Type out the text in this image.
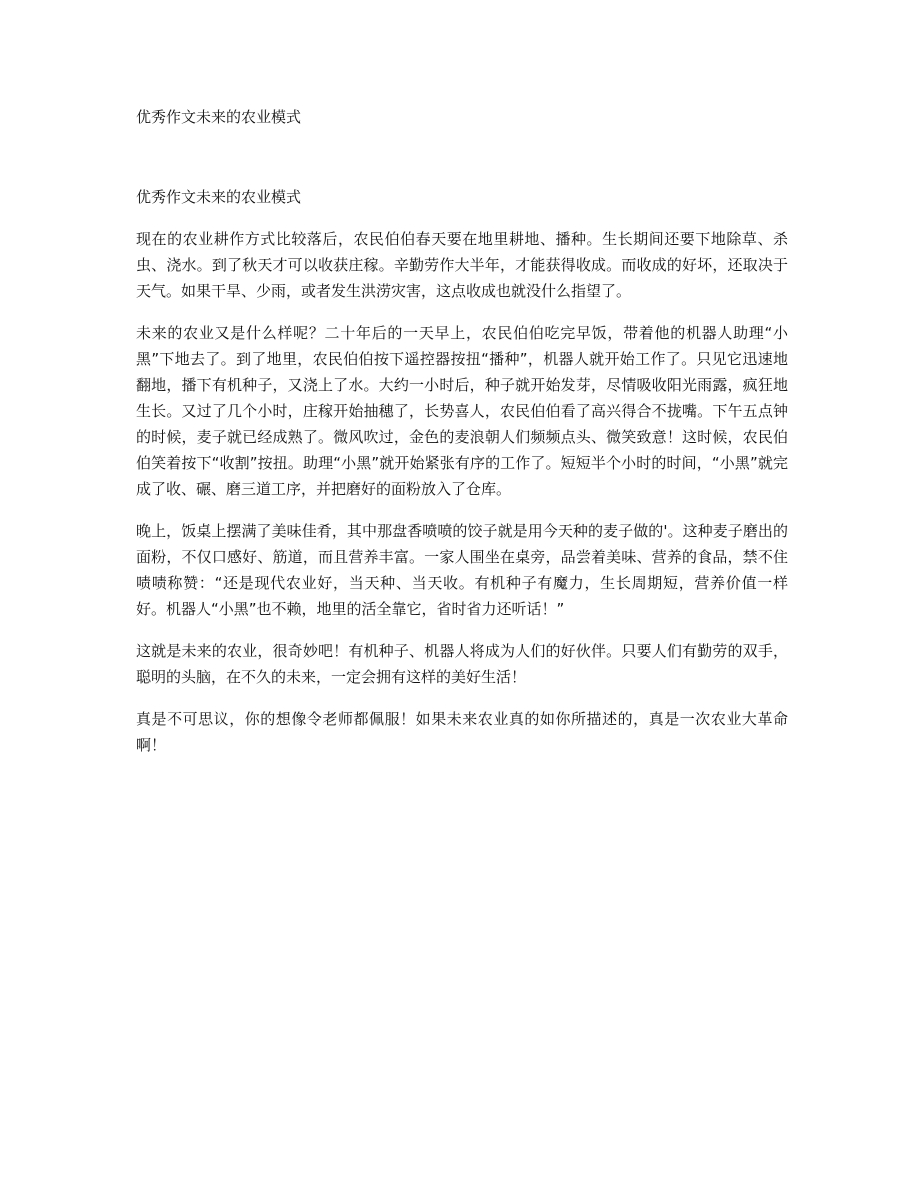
优秀作文未来的农业模式
优秀作文未来的农业模式

现在的农业耕作方式比较落后，农民伯伯春天要在地里耕地、播种。生长期间还要下地除草、杀虫、浇水。到了秋天才可以收获庄稼。辛勤劳作大半年，才能获得收成。而收成的好坏，还取决于天气。如果干旱、少雨，或者发生洪涝灾害，这点收成也就没什么指望了。

未来的农业又是什么样呢？二十年后的一天早上，农民伯伯吃完早饭，带着他的机器人助理“小黑”下地去了。到了地里，农民伯伯按下遥控器按扭“播种”，机器人就开始工作了。只见它迅速地翻地，播下有机种子，又浇上了水。大约一小时后，种子就开始发芽，尽情吸收阳光雨露，疯狂地生长。又过了几个小时，庄稼开始抽穗了，长势喜人，农民伯伯看了高兴得合不拢嘴。下午五点钟的时候，麦子就已经成熟了。微风吹过，金色的麦浪朝人们频频点头、微笑致意！这时候，农民伯伯笑着按下“收割”按扭。助理“小黑”就开始紧张有序的工作了。短短半个小时的时间，“小黑”就完成了收、碾、磨三道工序，并把磨好的面粉放入了仓库。

晚上，饭桌上摆满了美味佳肴，其中那盘香喷喷的饺子就是用今天种的麦子做的'。这种麦子磨出的面粉，不仅口感好、筋道，而且营养丰富。一家人围坐在桌旁，品尝着美味、营养的食品，禁不住啧啧称赞：“还是现代农业好，当天种、当天收。有机种子有魔力，生长周期短，营养价值一样好。机器人“小黑”也不赖，地里的活全靠它，省时省力还听话！”

这就是未来的农业，很奇妙吧！有机种子、机器人将成为人们的好伙伴。只要人们有勤劳的双手，聪明的头脑，在不久的未来，一定会拥有这样的美好生活！

真是不可思议，你的想像令老师都佩服！如果未来农业真的如你所描述的，真是一次农业大革命啊！
